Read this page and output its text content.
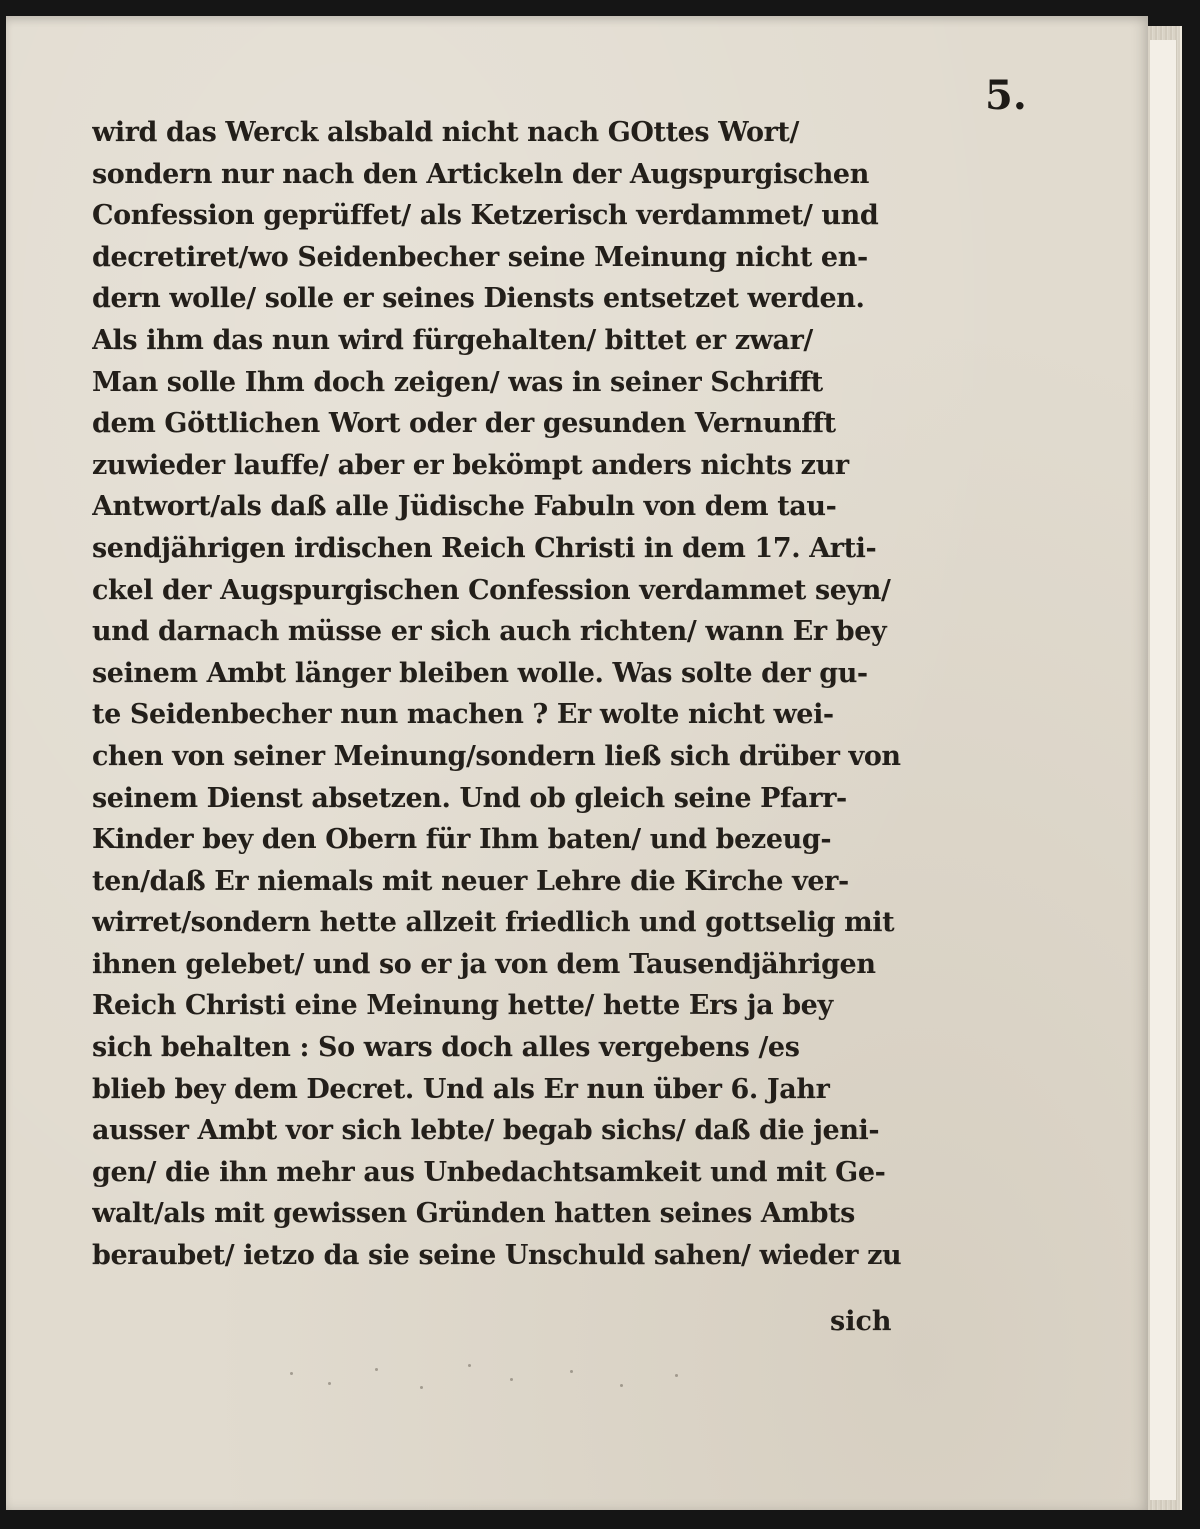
5.
wird das Werck alsbald nicht nach GOttes Wort/
sondern nur nach den Artickeln der Augspurgischen
Confession geprüffet/ als Ketzerisch verdammet/ und
decretiret/wo Seidenbecher seine Meinung nicht en-
dern wolle/ solle er seines Diensts entsetzet werden.
Als ihm das nun wird fürgehalten/ bittet er zwar/
Man solle Ihm doch zeigen/ was in seiner Schrifft
dem Göttlichen Wort oder der gesunden Vernunfft
zuwieder lauffe/ aber er bekömpt anders nichts zur
Antwort/als daß alle Jüdische Fabuln von dem tau-
sendjährigen irdischen Reich Christi in dem 17. Arti-
ckel der Augspurgischen Confession verdammet seyn/
und darnach müsse er sich auch richten/ wann Er bey
seinem Ambt länger bleiben wolle. Was solte der gu-
te Seidenbecher nun machen ? Er wolte nicht wei-
chen von seiner Meinung/sondern ließ sich drüber von
seinem Dienst absetzen. Und ob gleich seine Pfarr-
Kinder bey den Obern für Ihm baten/ und bezeug-
ten/daß Er niemals mit neuer Lehre die Kirche ver-
wirret/sondern hette allzeit friedlich und gottselig mit
ihnen gelebet/ und so er ja von dem Tausendjährigen
Reich Christi eine Meinung hette/ hette Ers ja bey
sich behalten : So wars doch alles vergebens /es
blieb bey dem Decret. Und als Er nun über 6. Jahr
ausser Ambt vor sich lebte/ begab sichs/ daß die jeni-
gen/ die ihn mehr aus Unbedachtsamkeit und mit Ge-
walt/als mit gewissen Gründen hatten seines Ambts
beraubet/ ietzo da sie seine Unschuld sahen/ wieder zu
sich
